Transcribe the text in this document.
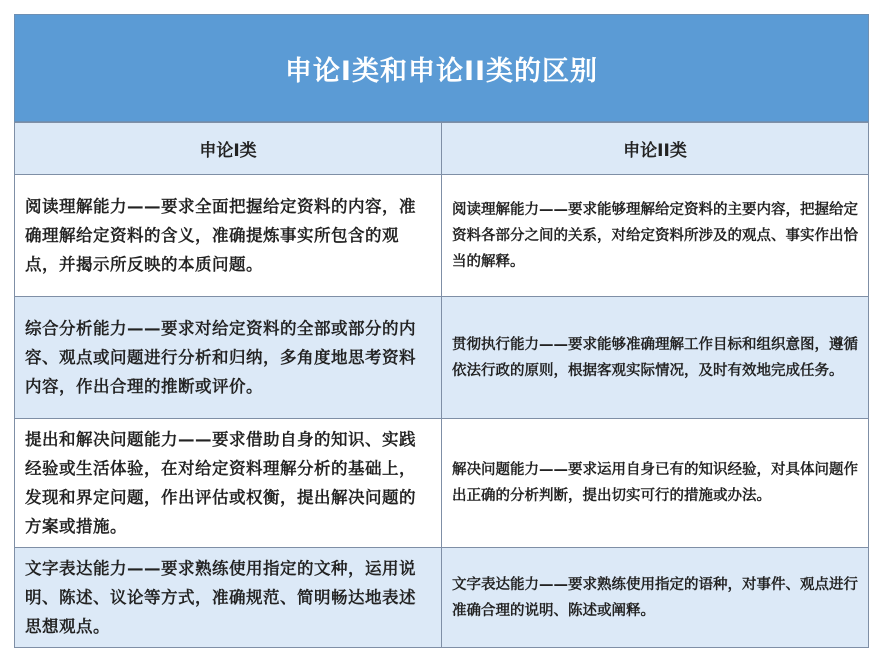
申论I类和申论II类的区别
申论I类	申论II类
阅读理解能力——要求全面把握给定资料的内容，准确理解给定资料的含义，准确提炼事实所包含的观点，并揭示所反映的本质问题。	阅读理解能力——要求能够理解给定资料的主要内容，把握给定资料各部分之间的关系，对给定资料所涉及的观点、事实作出恰当的解释。
综合分析能力——要求对给定资料的全部或部分的内容、观点或问题进行分析和归纳，多角度地思考资料内容，作出合理的推断或评价。	贯彻执行能力——要求能够准确理解工作目标和组织意图，遵循依法行政的原则，根据客观实际情况，及时有效地完成任务。
提出和解决问题能力——要求借助自身的知识、实践经验或生活体验，在对给定资料理解分析的基础上，发现和界定问题，作出评估或权衡，提出解决问题的方案或措施。	解决问题能力——要求运用自身已有的知识经验，对具体问题作出正确的分析判断，提出切实可行的措施或办法。
文字表达能力——要求熟练使用指定的文种，运用说明、陈述、议论等方式，准确规范、简明畅达地表述思想观点。	文字表达能力——要求熟练使用指定的语种，对事件、观点进行准确合理的说明、陈述或阐释。
